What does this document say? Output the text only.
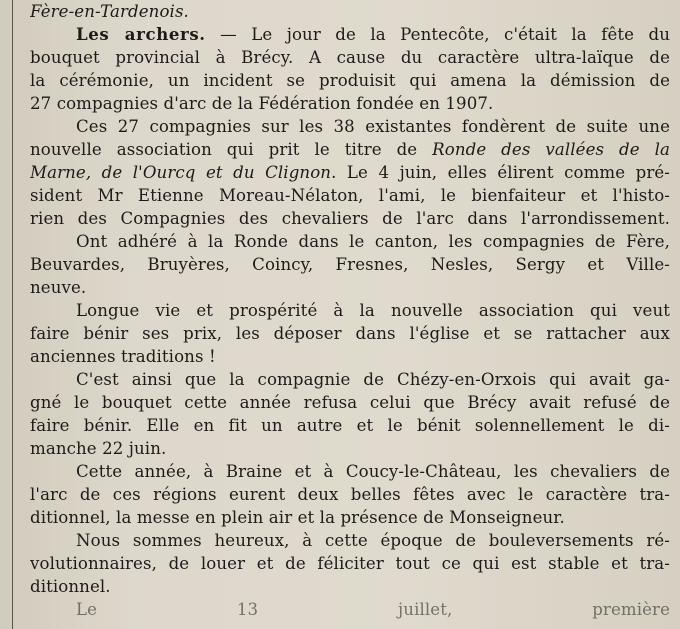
Fère-en-Tardenois.
Les archers. — Le jour de la Pentecôte, c'était la fête du
bouquet provincial à Brécy. A cause du caractère ultra-laïque de
la cérémonie, un incident se produisit qui amena la démission de
27 compagnies d'arc de la Fédération fondée en 1907.
Ces 27 compagnies sur les 38 existantes fondèrent de suite une
nouvelle association qui prit le titre de Ronde des vallées de la
Marne, de l'Ourcq et du Clignon. Le 4 juin, elles élirent comme pré-
sident Mr Etienne Moreau-Nélaton, l'ami, le bienfaiteur et l'histo-
rien des Compagnies des chevaliers de l'arc dans l'arrondissement.
Ont adhéré à la Ronde dans le canton, les compagnies de Fère,
Beuvardes, Bruyères, Coincy, Fresnes, Nesles, Sergy et Ville-
neuve.
Longue vie et prospérité à la nouvelle association qui veut
faire bénir ses prix, les déposer dans l'église et se rattacher aux
anciennes traditions !
C'est ainsi que la compagnie de Chézy-en-Orxois qui avait ga-
gné le bouquet cette année refusa celui que Brécy avait refusé de
faire bénir. Elle en fit un autre et le bénit solennellement le di-
manche 22 juin.
Cette année, à Braine et à Coucy-le-Château, les chevaliers de
l'arc de ces régions eurent deux belles fêtes avec le caractère tra-
ditionnel, la messe en plein air et la présence de Monseigneur.
Nous sommes heureux, à cette époque de bouleversements ré-
volutionnaires, de louer et de féliciter tout ce qui est stable et tra-
ditionnel.
Le 13 juillet, première
